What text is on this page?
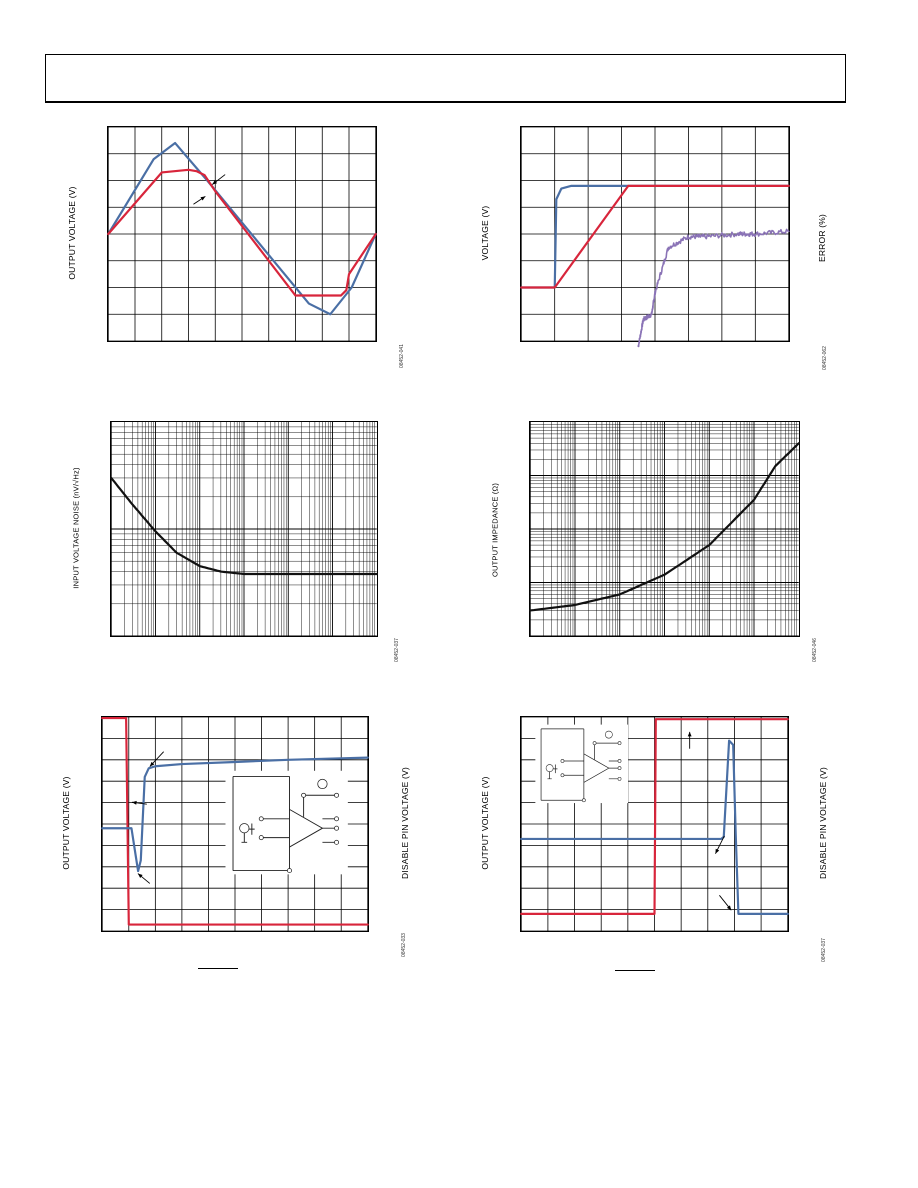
OUTPUT VOLTAGE (V)
08452-041
VOLTAGE (V)	ERROR (%)
08452-062
INPUT VOLTAGE NOISE (nV/√Hz)
08452-037
OUTPUT IMPEDANCE (Ω)
08452-046
OUTPUT VOLTAGE (V)	DISABLE PIN VOLTAGE (V)
08452-033
OUTPUT VOLTAGE (V)	DISABLE PIN VOLTAGE (V)
08452-037
